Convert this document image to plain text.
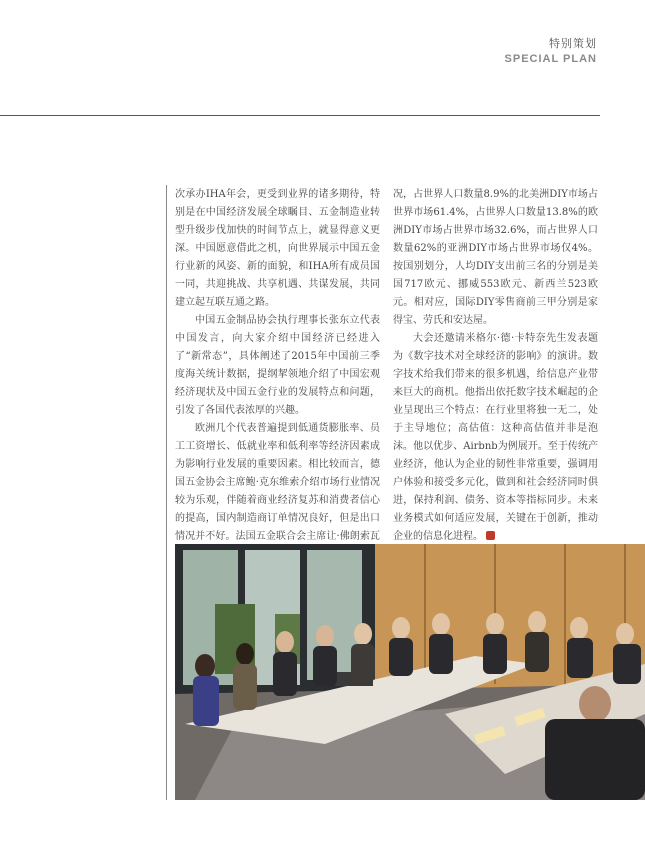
特别策划
SPECIAL PLAN

次承办IHA年会，更受到业界的诸多期待，特别是在中国经济发展全球瞩目、五金制造业转型升级步伐加快的时间节点上，就显得意义更深。中国愿意借此之机，向世界展示中国五金行业新的风姿、新的面貌，和IHA所有成员国一同，共迎挑战、共享机遇、共谋发展，共同建立起互联互通之路。

中国五金制品协会执行理事长张东立代表中国发言，向大家介绍中国经济已经进入了“新常态”，具体阐述了2015年中国前三季度海关统计数据，提纲挈领地介绍了中国宏观经济现状及中国五金行业的发展特点和问题，引发了各国代表浓厚的兴趣。

欧洲几个代表普遍提到低通货膨胀率、员工工资增长、低就业率和低利率等经济因素成为影响行业发展的重要因素。相比较而言，德国五金协会主席鲍·克东维索介绍市场行业情况较为乐观，伴随着商业经济复苏和消费者信心的提高，国内制造商订单情况良好，但是出口情况并不好。法国五金联合会主席让·佛朗索瓦

况，占世界人口数量8.9%的北美洲DIY市场占世界市场61.4%，占世界人口数量13.8%的欧洲DIY市场占世界市场32.6%，而占世界人口数量62%的亚洲DIY市场占世界市场仅4%。按国别划分，人均DIY支出前三名的分别是美国717欧元、挪威553欧元、新西兰523欧元。相对应，国际DIY零售商前三甲分别是家得宝、劳氏和安达屋。

大会还邀请米格尔·德·卡特奈先生发表题为《数字技术对全球经济的影响》的演讲。数字技术给我们带来的很多机遇，给信息产业带来巨大的商机。他指出依托数字技术崛起的企业呈现出三个特点：在行业里将独一无二，处于主导地位；高估值：这种高估值并非是泡沫。他以优步、Airbnb为例展开。至于传统产业经济，他认为企业的韧性非常重要，强调用户体验和接受多元化，做到和社会经济同时俱进，保持利润、债务、资本等指标同步。未来业务模式如何适应发展，关键在于创新，推动企业的信息化进程。
